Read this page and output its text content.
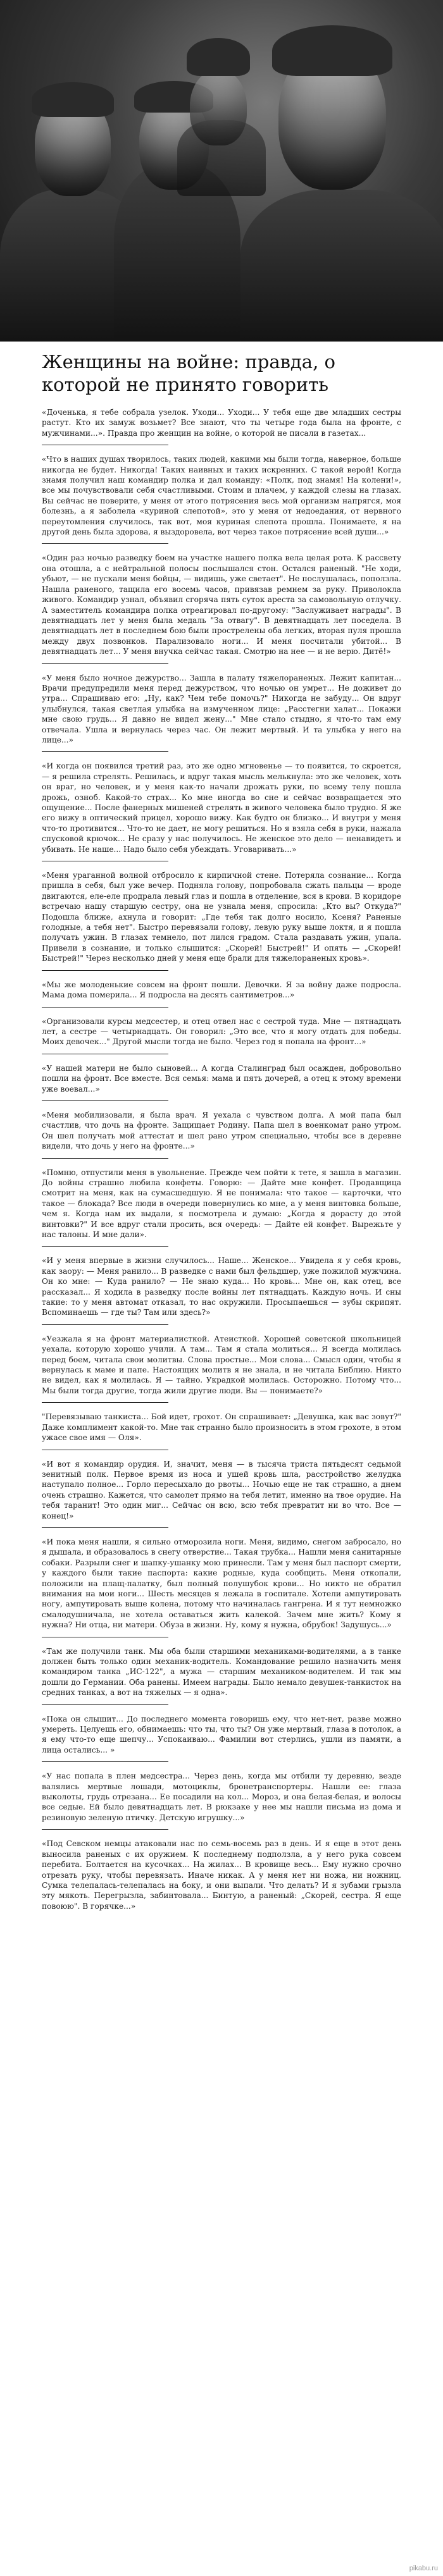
Женщины на войне: правда, о которой не принято говорить

«Доченька, я тебе собрала узелок. Уходи... Уходи... У тебя еще две младших сестры растут. Кто их замуж возьмет? Все знают, что ты четыре года была на фронте, с мужчинами...». Правда про женщин на войне, о которой не писали в газетах...

«Что в наших душах творилось, таких людей, какими мы были тогда, наверное, больше никогда не будет. Никогда! Таких наивных и таких искренних. С такой верой! Когда знамя получил наш командир полка и дал команду: «Полк, под знамя! На колени!», все мы почувствовали себя счастливыми. Стоим и плачем, у каждой слезы на глазах. Вы сейчас не поверите, у меня от этого потрясения весь мой организм напрягся, моя болезнь, а я заболела «куриной слепотой», это у меня от недоедания, от нервного переутомления случилось, так вот, моя куриная слепота прошла. Понимаете, я на другой день была здорова, я выздоровела, вот через такое потрясение всей души...»

«Один раз ночью разведку боем на участке нашего полка вела целая рота. К рассвету она отошла, а с нейтральной полосы послышался стон. Остался раненый. "Не ходи, убьют, — не пускали меня бойцы, — видишь, уже светает". Не послушалась, поползла. Нашла раненого, тащила его восемь часов, привязав ремнем за руку. Приволокла живого. Командир узнал, объявил сгоряча пять суток ареста за самовольную отлучку. А заместитель командира полка отреагировал по-другому: "Заслуживает награды". В девятнадцать лет у меня была медаль "За отвагу". В девятнадцать лет поседела. В девятнадцать лет в последнем бою были прострелены оба легких, вторая пуля прошла между двух позвонков. Парализовало ноги... И меня посчитали убитой... В девятнадцать лет... У меня внучка сейчас такая. Смотрю на нее — и не верю. Дитё!»

«У меня было ночное дежурство... Зашла в палату тяжелораненых. Лежит капитан... Врачи предупредили меня перед дежурством, что ночью он умрет... Не доживет до утра... Спрашиваю его: „Ну, как? Чем тебе помочь?" Никогда не забуду... Он вдруг улыбнулся, такая светлая улыбка на измученном лице: „Расстегни халат... Покажи мне свою грудь... Я давно не видел жену..." Мне стало стыдно, я что-то там ему отвечала. Ушла и вернулась через час. Он лежит мертвый. И та улыбка у него на лице...»

«И когда он появился третий раз, это же одно мгновенье — то появится, то скроется, — я решила стрелять. Решилась, и вдруг такая мысль мелькнула: это же человек, хоть он враг, но человек, и у меня как-то начали дрожать руки, по всему телу пошла дрожь, озноб. Какой-то страх... Ко мне иногда во сне и сейчас возвращается это ощущение... После фанерных мишеней стрелять в живого человека было трудно. Я же его вижу в оптический прицел, хорошо вижу. Как будто он близко... И внутри у меня что-то противится... Что-то не дает, не могу решиться. Но я взяла себя в руки, нажала спусковой крючок... Не сразу у нас получилось. Не женское это дело — ненавидеть и убивать. Не наше... Надо было себя убеждать. Уговаривать...»

«Меня ураганной волной отбросило к кирпичной стене. Потеряла сознание... Когда пришла в себя, был уже вечер. Подняла голову, попробовала сжать пальцы — вроде двигаются, еле-еле продрала левый глаз и пошла в отделение, вся в крови. В коридоре встречаю нашу старшую сестру, она не узнала меня, спросила: „Кто вы? Откуда?" Подошла ближе, ахнула и говорит: „Где тебя так долго носило, Ксеня? Раненые голодные, а тебя нет". Быстро перевязали голову, левую руку выше локтя, и я пошла получать ужин. В глазах темнело, пот лился градом. Стала раздавать ужин, упала. Привели в сознание, и только слышится: „Скорей! Быстрей!" И опять — „Скорей! Быстрей!" Через несколько дней у меня еще брали для тяжелораненых кровь».

«Мы же молоденькие совсем на фронт пошли. Девочки. Я за войну даже подросла. Мама дома померила... Я подросла на десять сантиметров...»

«Организовали курсы медсестер, и отец отвел нас с сестрой туда. Мне — пятнадцать лет, а сестре — четырнадцать. Он говорил: „Это все, что я могу отдать для победы. Моих девочек..." Другой мысли тогда не было. Через год я попала на фронт...»

«У нашей матери не было сыновей... А когда Сталинград был осажден, добровольно пошли на фронт. Все вместе. Вся семья: мама и пять дочерей, а отец к этому времени уже воевал...»

«Меня мобилизовали, я была врач. Я уехала с чувством долга. А мой папа был счастлив, что дочь на фронте. Защищает Родину. Папа шел в военкомат рано утром. Он шел получать мой аттестат и шел рано утром специально, чтобы все в деревне видели, что дочь у него на фронте...»

«Помню, отпустили меня в увольнение. Прежде чем пойти к тете, я зашла в магазин. До войны страшно любила конфеты. Говорю: — Дайте мне конфет. Продавщица смотрит на меня, как на сумасшедшую. Я не понимала: что такое — карточки, что такое — блокада? Все люди в очереди повернулись ко мне, а у меня винтовка больше, чем я. Когда нам их выдали, я посмотрела и думаю: „Когда я дорасту до этой винтовки?" И все вдруг стали просить, вся очередь: — Дайте ей конфет. Вырежьте у нас талоны. И мне дали».

«И у меня впервые в жизни случилось... Наше... Женское... Увидела я у себя кровь, как заору: — Меня ранило... В разведке с нами был фельдшер, уже пожилой мужчина. Он ко мне: — Куда ранило? — Не знаю куда... Но кровь... Мне он, как отец, все рассказал... Я ходила в разведку после войны лет пятнадцать. Каждую ночь. И сны такие: то у меня автомат отказал, то нас окружили. Просыпаешься — зубы скрипят. Вспоминаешь — где ты? Там или здесь?»

«Уезжала я на фронт материалисткой. Атеисткой. Хорошей советской школьницей уехала, которую хорошо учили. А там... Там я стала молиться... Я всегда молилась перед боем, читала свои молитвы. Слова простые... Мои слова... Смысл один, чтобы я вернулась к маме и папе. Настоящих молитв я не знала, и не читала Библию. Никто не видел, как я молилась. Я — тайно. Украдкой молилась. Осторожно. Потому что... Мы были тогда другие, тогда жили другие люди. Вы — понимаете?»

"Перевязываю танкиста... Бой идет, грохот. Он спрашивает: „Девушка, как вас зовут?" Даже комплимент какой-то. Мне так странно было произносить в этом грохоте, в этом ужасе свое имя — Оля».

«И вот я командир орудия. И, значит, меня — в тысяча триста пятьдесят седьмой зенитный полк. Первое время из носа и ушей кровь шла, расстройство желудка наступало полное... Горло пересыхало до рвоты... Ночью еще не так страшно, а днем очень страшно. Кажется, что самолет прямо на тебя летит, именно на твое орудие. На тебя таранит! Это один миг... Сейчас он всю, всю тебя превратит ни во что. Все — конец!»

«И пока меня нашли, я сильно отморозила ноги. Меня, видимо, снегом забросало, но я дышала, и образовалось в снегу отверстие... Такая трубка... Нашли меня санитарные собаки. Разрыли снег и шапку-ушанку мою принесли. Там у меня был паспорт смерти, у каждого были такие паспорта: какие родные, куда сообщить. Меня откопали, положили на плащ-палатку, был полный полушубок крови... Но никто не обратил внимания на мои ноги... Шесть месяцев я лежала в госпитале. Хотели ампутировать ногу, ампутировать выше колена, потому что начиналась гангрена. И я тут немножко смалодушничала, не хотела оставаться жить калекой. Зачем мне жить? Кому я нужна? Ни отца, ни матери. Обуза в жизни. Ну, кому я нужна, обрубок! Задушусь...»

«Там же получили танк. Мы оба были старшими механиками-водителями, а в танке должен быть только один механик-водитель. Командование решило назначить меня командиром танка „ИС-122", а мужа — старшим механиком-водителем. И так мы дошли до Германии. Оба ранены. Имеем награды. Было немало девушек-танкисток на средних танках, а вот на тяжелых — я одна».

«Пока он слышит... До последнего момента говоришь ему, что нет-нет, разве можно умереть. Целуешь его, обнимаешь: что ты, что ты? Он уже мертвый, глаза в потолок, а я ему что-то еще шепчу... Успокаиваю... Фамилии вот стерлись, ушли из памяти, а лица остались... »

«У нас попала в плен медсестра... Через день, когда мы отбили ту деревню, везде валялись мертвые лошади, мотоциклы, бронетранспортеры. Нашли ее: глаза выколоты, грудь отрезана... Ее посадили на кол... Мороз, и она белая-белая, и волосы все седые. Ей было девятнадцать лет. В рюкзаке у нее мы нашли письма из дома и резиновую зеленую птичку. Детскую игрушку...»

«Под Севском немцы атаковали нас по семь-восемь раз в день. И я еще в этот день выносила раненых с их оружием. К последнему подползла, а у него рука совсем перебита. Болтается на кусочках... На жилах... В кровище весь... Ему нужно срочно отрезать руку, чтобы перевязать. Иначе никак. А у меня нет ни ножа, ни ножниц. Сумка телепалась-телепалась на боку, и они выпали. Что делать? И я зубами грызла эту мякоть. Перегрызла, забинтовала... Бинтую, а раненый: „Скорей, сестра. Я еще повоюю". В горячке...»

pikabu.ru
